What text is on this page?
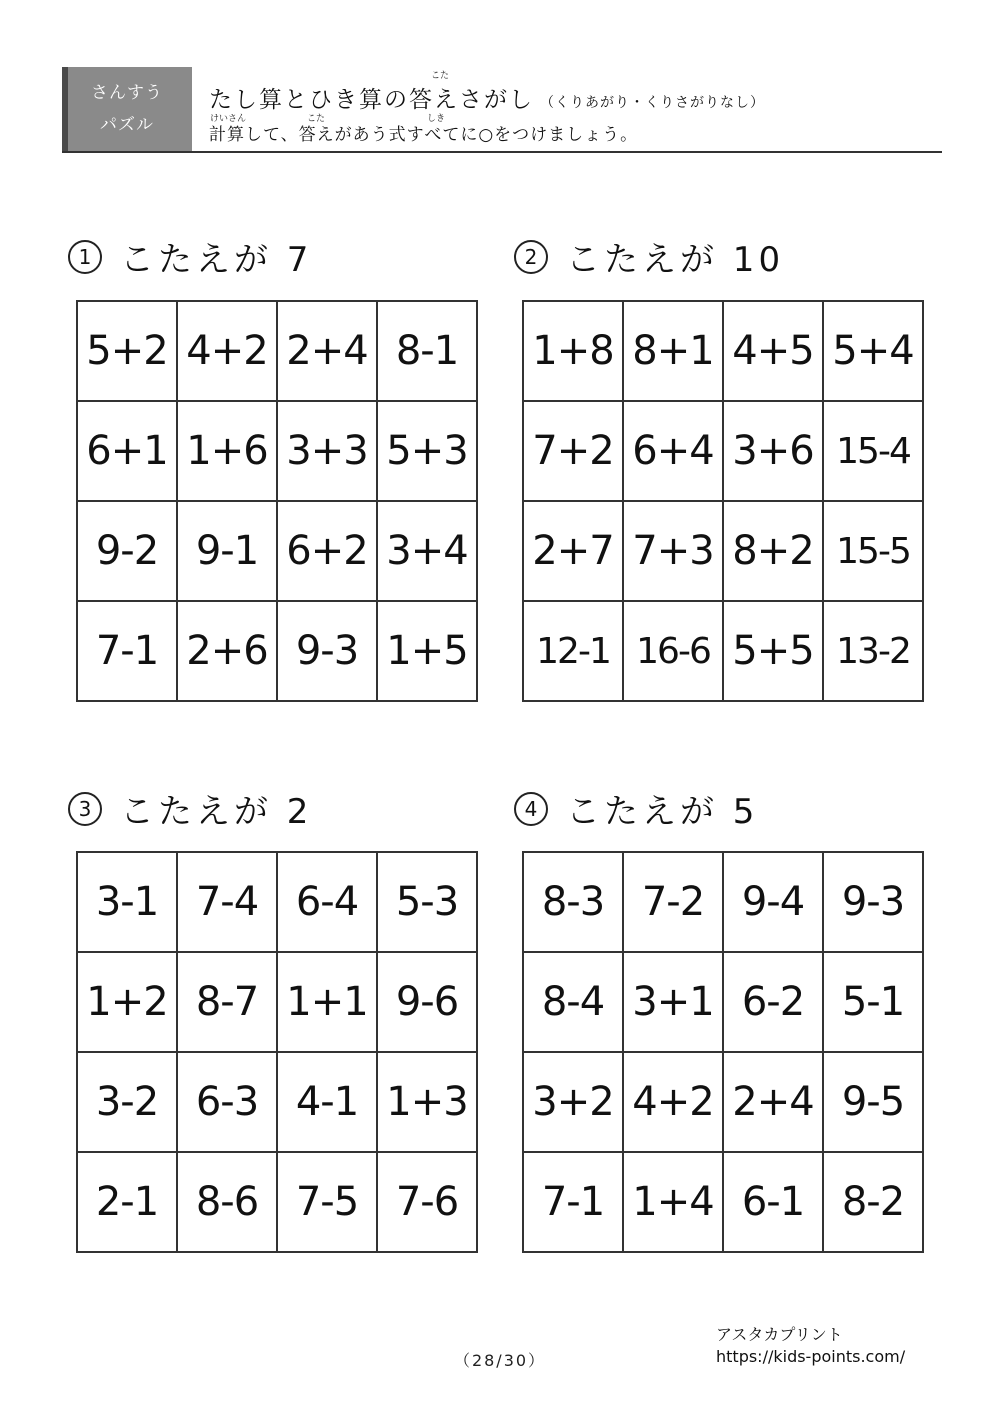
さんすう
パズル
こた
たし算とひき算の答えさがし （くりあがり・くりさがりなし）
けいさん	こた	しき
計算して、答えがあう式すべてに○をつけましょう。
1 こたえが 7
5+2 4+2 2+4 8-1
6+1 1+6 3+3 5+3
9-2 9-1 6+2 3+4
7-1 2+6 9-3 1+5
2 こたえが 10
1+8 8+1 4+5 5+4
7+2 6+4 3+6 15-4
2+7 7+3 8+2 15-5
12-1 16-6 5+5 13-2
3 こたえが 2
3-1 7-4 6-4 5-3
1+2 8-7 1+1 9-6
3-2 6-3 4-1 1+3
2-1 8-6 7-5 7-6
4 こたえが 5
8-3 7-2 9-4 9-3
8-4 3+1 6-2 5-1
3+2 4+2 2+4 9-5
7-1 1+4 6-1 8-2
（28/30）
アスタカプリント
https://kids-points.com/
